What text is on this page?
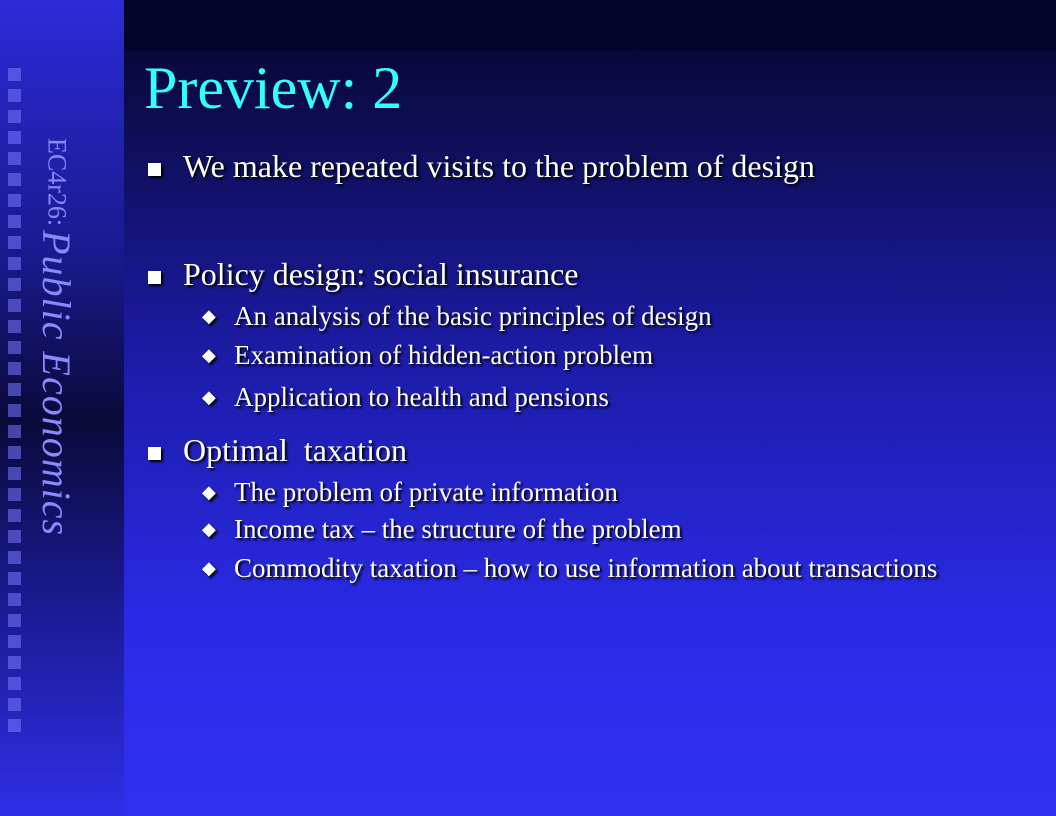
EC4r26: Public Economics
Preview: 2
We make repeated visits to the problem of design
Policy design: social insurance
◆ An analysis of the basic principles of design
◆ Examination of hidden-action problem
◆ Application to health and pensions
Optimal  taxation
◆ The problem of private information
◆ Income tax – the structure of the problem
◆ Commodity taxation – how to use information about transactions
